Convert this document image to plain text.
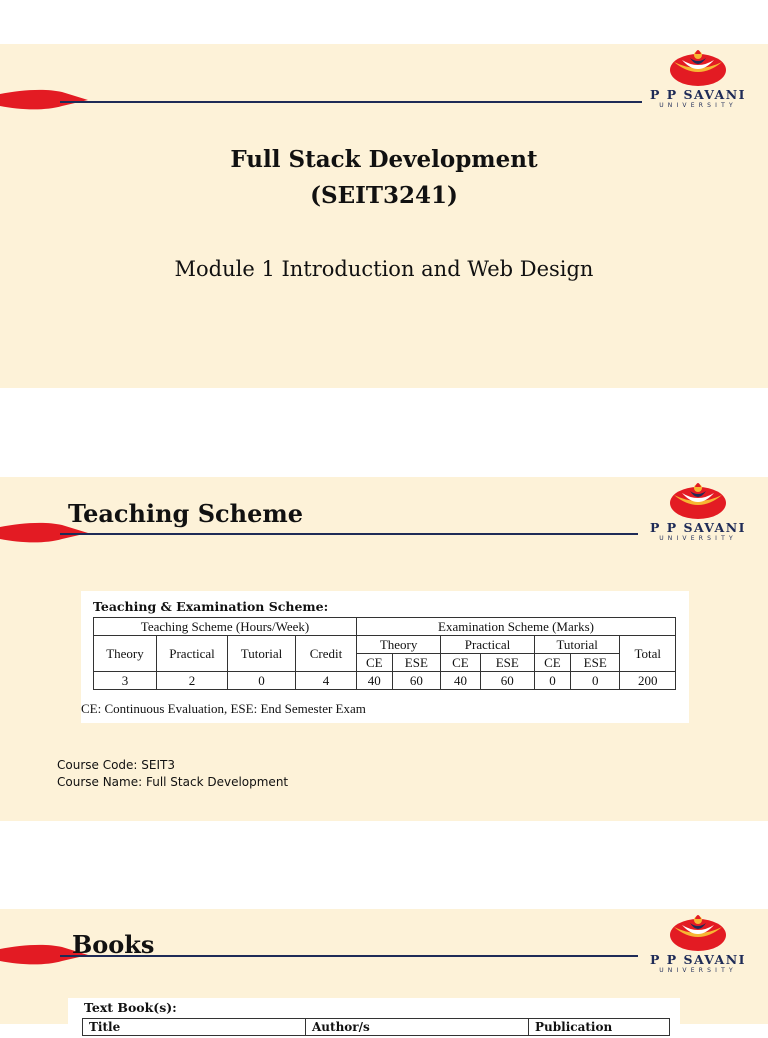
P P SAVANI
UNIVERSITY
Full Stack Development
(SEIT3241)
Module 1 Introduction and Web Design
P P SAVANI
UNIVERSITY
Teaching Scheme
Teaching & Examination Scheme:
Teaching Scheme (Hours/Week)				Examination Scheme (Marks)						
Theory	Practical	Tutorial	Credit	Theory		Practical		Tutorial		Total
				CE	ESE	CE	ESE	CE	ESE	
3	2	0	4	40	60	40	60	0	0	200
CE: Continuous Evaluation, ESE: End Semester Exam
Course Code: SEIT3
Course Name: Full Stack Development
P P SAVANI
UNIVERSITY
Books
Text Book(s):
Title	Author/s	Publication
